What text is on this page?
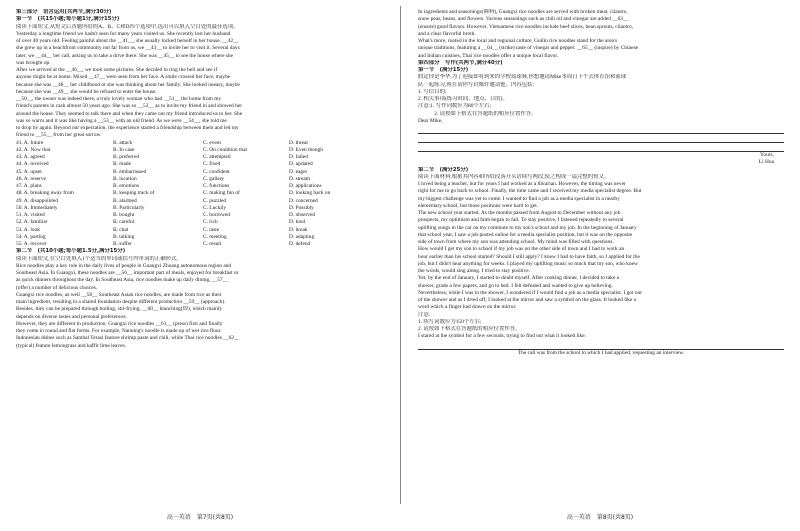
第三部分　语言运用(共两节,满分30分)
第一节　(共15小题;每小题1分,满分15分)
阅读下面短文,从短文后各题所给的A、B、C和D四个选项中,选出可以填入空白处的最佳选项。
Yesterday a longtime friend we hadn't seen for many years visited us. She recently lost her husband
of over 40 years old. Feeling painful about the __41__, she usually locked herself in her house. __42__
she grew up in a beachfront community not far from us, we __43__ to invite her to visit it. Several days
later, we __44__ her call, asking us to take a drive there. She was __45__ to see the house where she
was brought up.
After we arrived at the __46__, we took some pictures. She decided to ring the bell and see if
anyone might be at home. Mixed __47__ were seen from her face. A smile crossed her face, maybe
because she was __48__ her childhood or she was thinking about her family. She looked uneasy, maybe
because she was __49__ she would be refused to enter the house.
__50__, the owner was indeed there, a truly lovely woman who had __51__ the home from my
friend's parents in cash almost 50 years ago. She was so __52__ as to invite my friend in and showed her
around the house. They seemed to talk there and when they came out my friend introduced us to her. She
was so warm and it was like having a __53__ with an old friend. As we were __54__, she told me
to drop by again. Beyond our expectation, the experience started a friendship between them and led my
friend to __55__ from her great sorrow.
41. A. future	B. attack	C. event	D. threat
42. A. Now that	B. In case	C. On condition that	D. Even though
43. A. agreed	B. preferred	C. attempted	D. failed
44. A. received	B. made	C. fixed	D. updated
45. A. upset	B. embarrassed	C. confident	D. eager
46. A. reserve	B. location	C. gallery	D. stream
47. A. plans	B. emotions	C. functions	D. applications
48. A. breaking away from	B. keeping track of	C. making fun of	D. looking back on
49. A. disappointed	B. alarmed	C. puzzled	D. concerned
50. A. Immediately	B. Particularly	C. Luckily	D. Possibly
51. A. visited	B. bought	C. borrowed	D. observed
52. A. familiar	B. careful	C. rich	D. kind
53. A. look	B. chat	C. taste	D. break
54. A. parting	B. talking	C. meeting	D. adapting
55. A. recover	B. suffer	C. result	D. defend
第二节　(共10小题;每小题1.5分,满分15分)
阅读下面短文,在空白处填入1个适当的单词或括号内单词的正确形式。
Rice noodles play a key role in the daily lives of people in Guangxi Zhuang autonomous region and
Southeast Asia. In Guangxi, these noodles are __56__ important part of meals, enjoyed for breakfast or
as quick dinners throughout the day. In Southeast Asia, rice noodles make up daily dining, __57__
(offer) a number of delicious choices.
Guangxi rice noodles, as well __58__ Southeast Asian rice noodles, are made from rice as their
main ingredient, resulting in a shared foundation despite different production __59__ (approach).
Besides, they can be prepared through boiling, stir-frying, __60__ blanching(焯), which mainly
depends on diverse tastes and personal preferences.
However, they are different in production. Guangxi rice noodles __61__ (press) first and finally
they come in round and flat forms. For example, Nanning's noodle is made up of wet rice flour.
Indonesian dishes such as Sambal Terasi feature shrimp paste and chili, while Thai rice noodles __62__
(typical) feature lemongrass and kaffir lime leaves.
In ingredients and seasonings(调料), Guangxi rice noodles are served with broken meat, cilantro,
snow peas, beans, and flowers. Various seasonings such as chili oil and vinegar are added __63__
(ensure) good flavors. However, Vietnamese rice noodles include beef slices, bean sprouts, cilantro,
and a clear flavorful broth.
What's more, rooted in the local and regional culture, Guilin rice noodles stand for the area's
unique traditions, featuring a __64__ (strike) taste of vinegar and pepper. __65__ (inspire) by Chinese
and Indian cuisines, Thai rice noodles offer a unique local flavor.
第四部分　写作(共两节,满分40分)
第一节　(满分15分)
假定你是李华,为了迎接即将到来的学校篮球赛,你想邀请Mike本周日下午去体育馆和篮球
队一起练习,现在请你写封邮件邀请他。内容包括:
1. 写信目的;
2. 相关事项(练习时间、地点、目的)。
注意:1. 写作词数应为80个左右;
　　　2. 请按如下格式在答题纸的相应位置作答。
Dear Mike,
Yours,
Li Hua
第二节　(满分25分)
阅读下面材料,根据其内容和所给段落开头语续写两段,使之构成一篇完整的短文。
I loved being a teacher, but for years I had worked as a librarian. However, the timing was never
right for me to go back to school. Finally, the time came and I received my media specialist degree. But
my biggest challenge was yet to come. I wanted to find a job as a media specialist in a nearby
elementary school, but those positions were hard to get.
The new school year started. As the months passed from August to December without any job
prospects, my optimism and faith began to fail. To stay positive, I listened repeatedly to several
uplifting songs in the car on my commute to my son's school and my job. In the beginning of January
that school year, I saw a job posted online for a media specialist position, but it was on the opposite
side of town from where my son was attending school. My mind was filled with questions.
How would I get my son to school if my job was on the other side of town and I had to work an
hour earlier than his school started? Should I still apply? I knew I had to have faith, so I applied for the
job, but I didn't hear anything for weeks. I played my uplifting music so much that my son, who knew
the words, would sing along. I tried to stay positive.
Yet, by the end of January, I started to doubt myself. After cooking dinner, I decided to take a
shower, grade a few papers, and go to bed. I felt defeated and wanted to give up believing.
Nevertheless, while I was in the shower, I wondered if I would find a job as a media specialist. I got out
of the shower and as I dried off, I looked at the mirror and saw a symbol on the glass. It looked like a
word which a finger had drawn on the mirror.
注意:
1. 续写词数应为150个左右;
2. 请按如下格式在答题纸的相应位置作答。
I stared at the symbol for a few seconds, trying to find out what it looked like.
The call was from the school to which I had applied, requesting an interview.
高一英语　第7页(共8页)	高一英语　第8页(共8页)
